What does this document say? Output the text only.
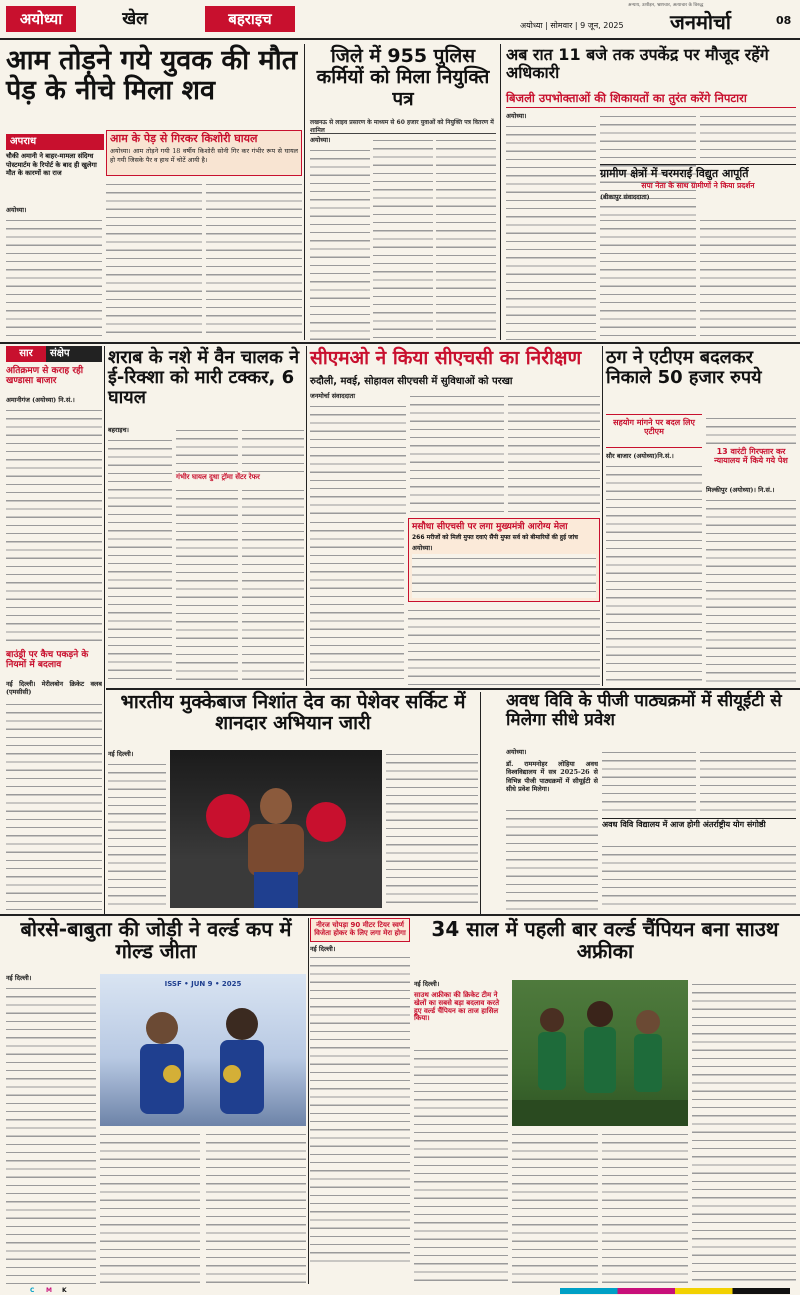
अयोध्या	खेल	बहराइच	अयोध्या | सोमवार | 9 जून, 2025
अन्याय, उत्पीड़न, भ्रष्टाचार, अत्याचार के विरुद्ध
जनमोर्चा	08
आम तोड़ने गये युवक की मौत पेड़ के नीचे मिला शव
आम के पेड़ से गिरकर किशोरी घायल
अयोध्या। आम तोड़ने गयी 18 वर्षीय किशोरी सोनी गिर कर गंभीर रूप से घायल हो गयी जिसके पैर व हाथ में चोटें आयी है।
अपराध
चौकी अमानी ने बाहर-मामला संदिग्ध पोस्टमार्टम के रिपोर्ट के बाद ही खुलेगा मौत के कारणों का राज
अयोध्या।
जिले में 955 पुलिस कर्मियों को मिला नियुक्ति पत्र
लखनऊ से लाइव प्रसारण के माध्यम से 60 हजार युवाओं को नियुक्ति पत्र वितरण में शामिल
अयोध्या।
अब रात 11 बजे तक उपकेंद्र पर मौजूद रहेंगे अधिकारी
बिजली उपभोक्ताओं की शिकायतों का तुरंत करेंगे निपटारा
अयोध्या।
ग्रामीण क्षेत्रों में चरमराई विद्युत आपूर्ति
सपा नेता के साथ ग्रामीणों ने किया प्रदर्शन
(बीकापुर संवाददाता)
सार	संक्षेप
अतिक्रमण से कराह रही खण्डासा बाजार
अमानीगंज (अयोध्या) नि.सं.।
बाउंड्री पर कैच पकड़ने के नियमों में बदलाव
नई दिल्ली। मेरीलबोन क्रिकेट क्लब (एमसीसी)
शराब के नशे में वैन चालक ने ई-रिक्शा को मारी टक्कर, 6 घायल
बहराइच।
गंभीर घायल दुधा ट्रॉमा सेंटर रेफर
सीएमओ ने किया सीएचसी का निरीक्षण
रुदौली, मवई, सोहावल सीएचसी में सुविधाओं को परखा
जनमोर्चा संवाददाता
मसौधा सीएचसी पर लगा मुख्यमंत्री आरोग्य मेला
266 मरीजों को मिली मुफ्त दवाएं सैंपी मुफ्त सर्व को बीमारियों की हुई जांच
अयोध्या।
ठग ने एटीएम बदलकर निकाले 50 हजार रुपये
सहयोग मांगने पर बदल लिए एटीएम
सौर बाजार (अयोध्या)नि.सं.।	13 वारंटी गिरफ्तार कर न्यायालय में किये गये पेश
मिल्कीपुर (अयोध्या)। नि.सं.।
भारतीय मुक्केबाज निशांत देव का पेशेवर सर्किट में शानदार अभियान जारी
नई दिल्ली।
अवध विवि के पीजी पाठ्यक्रमों में सीयूईटी से मिलेगा सीधे प्रवेश
अयोध्या।
डॉ. राममनोहर लोहिया अवध विश्वविद्यालय में सत्र 2025-26 से विभिन्न पीजी पाठ्यक्रमों में सीयूईटी से सीधे प्रवेश मिलेगा।
अवध विवि विद्यालय में आज होगी अंतर्राष्ट्रीय योग संगोष्ठी
बोरसे-बाबुता की जोड़ी ने वर्ल्ड कप में गोल्ड जीता
नई दिल्ली।
ISSF • JUN 9 • 2025
नीरज चोपड़ा 90 मीटर टियर स्वर्ण विजेता होकर के लिए लगा मेरा होगा
नई दिल्ली।
34 साल में पहली बार वर्ल्ड चैंपियन बना साउथ अफ्रीका
नई दिल्ली।
साउथ अफ्रीका की क्रिकेट टीम ने खेलों का सबसे बड़ा बदलाव करते हुए वर्ल्ड चैंपियन का ताज हासिल किया।
C	M	K
